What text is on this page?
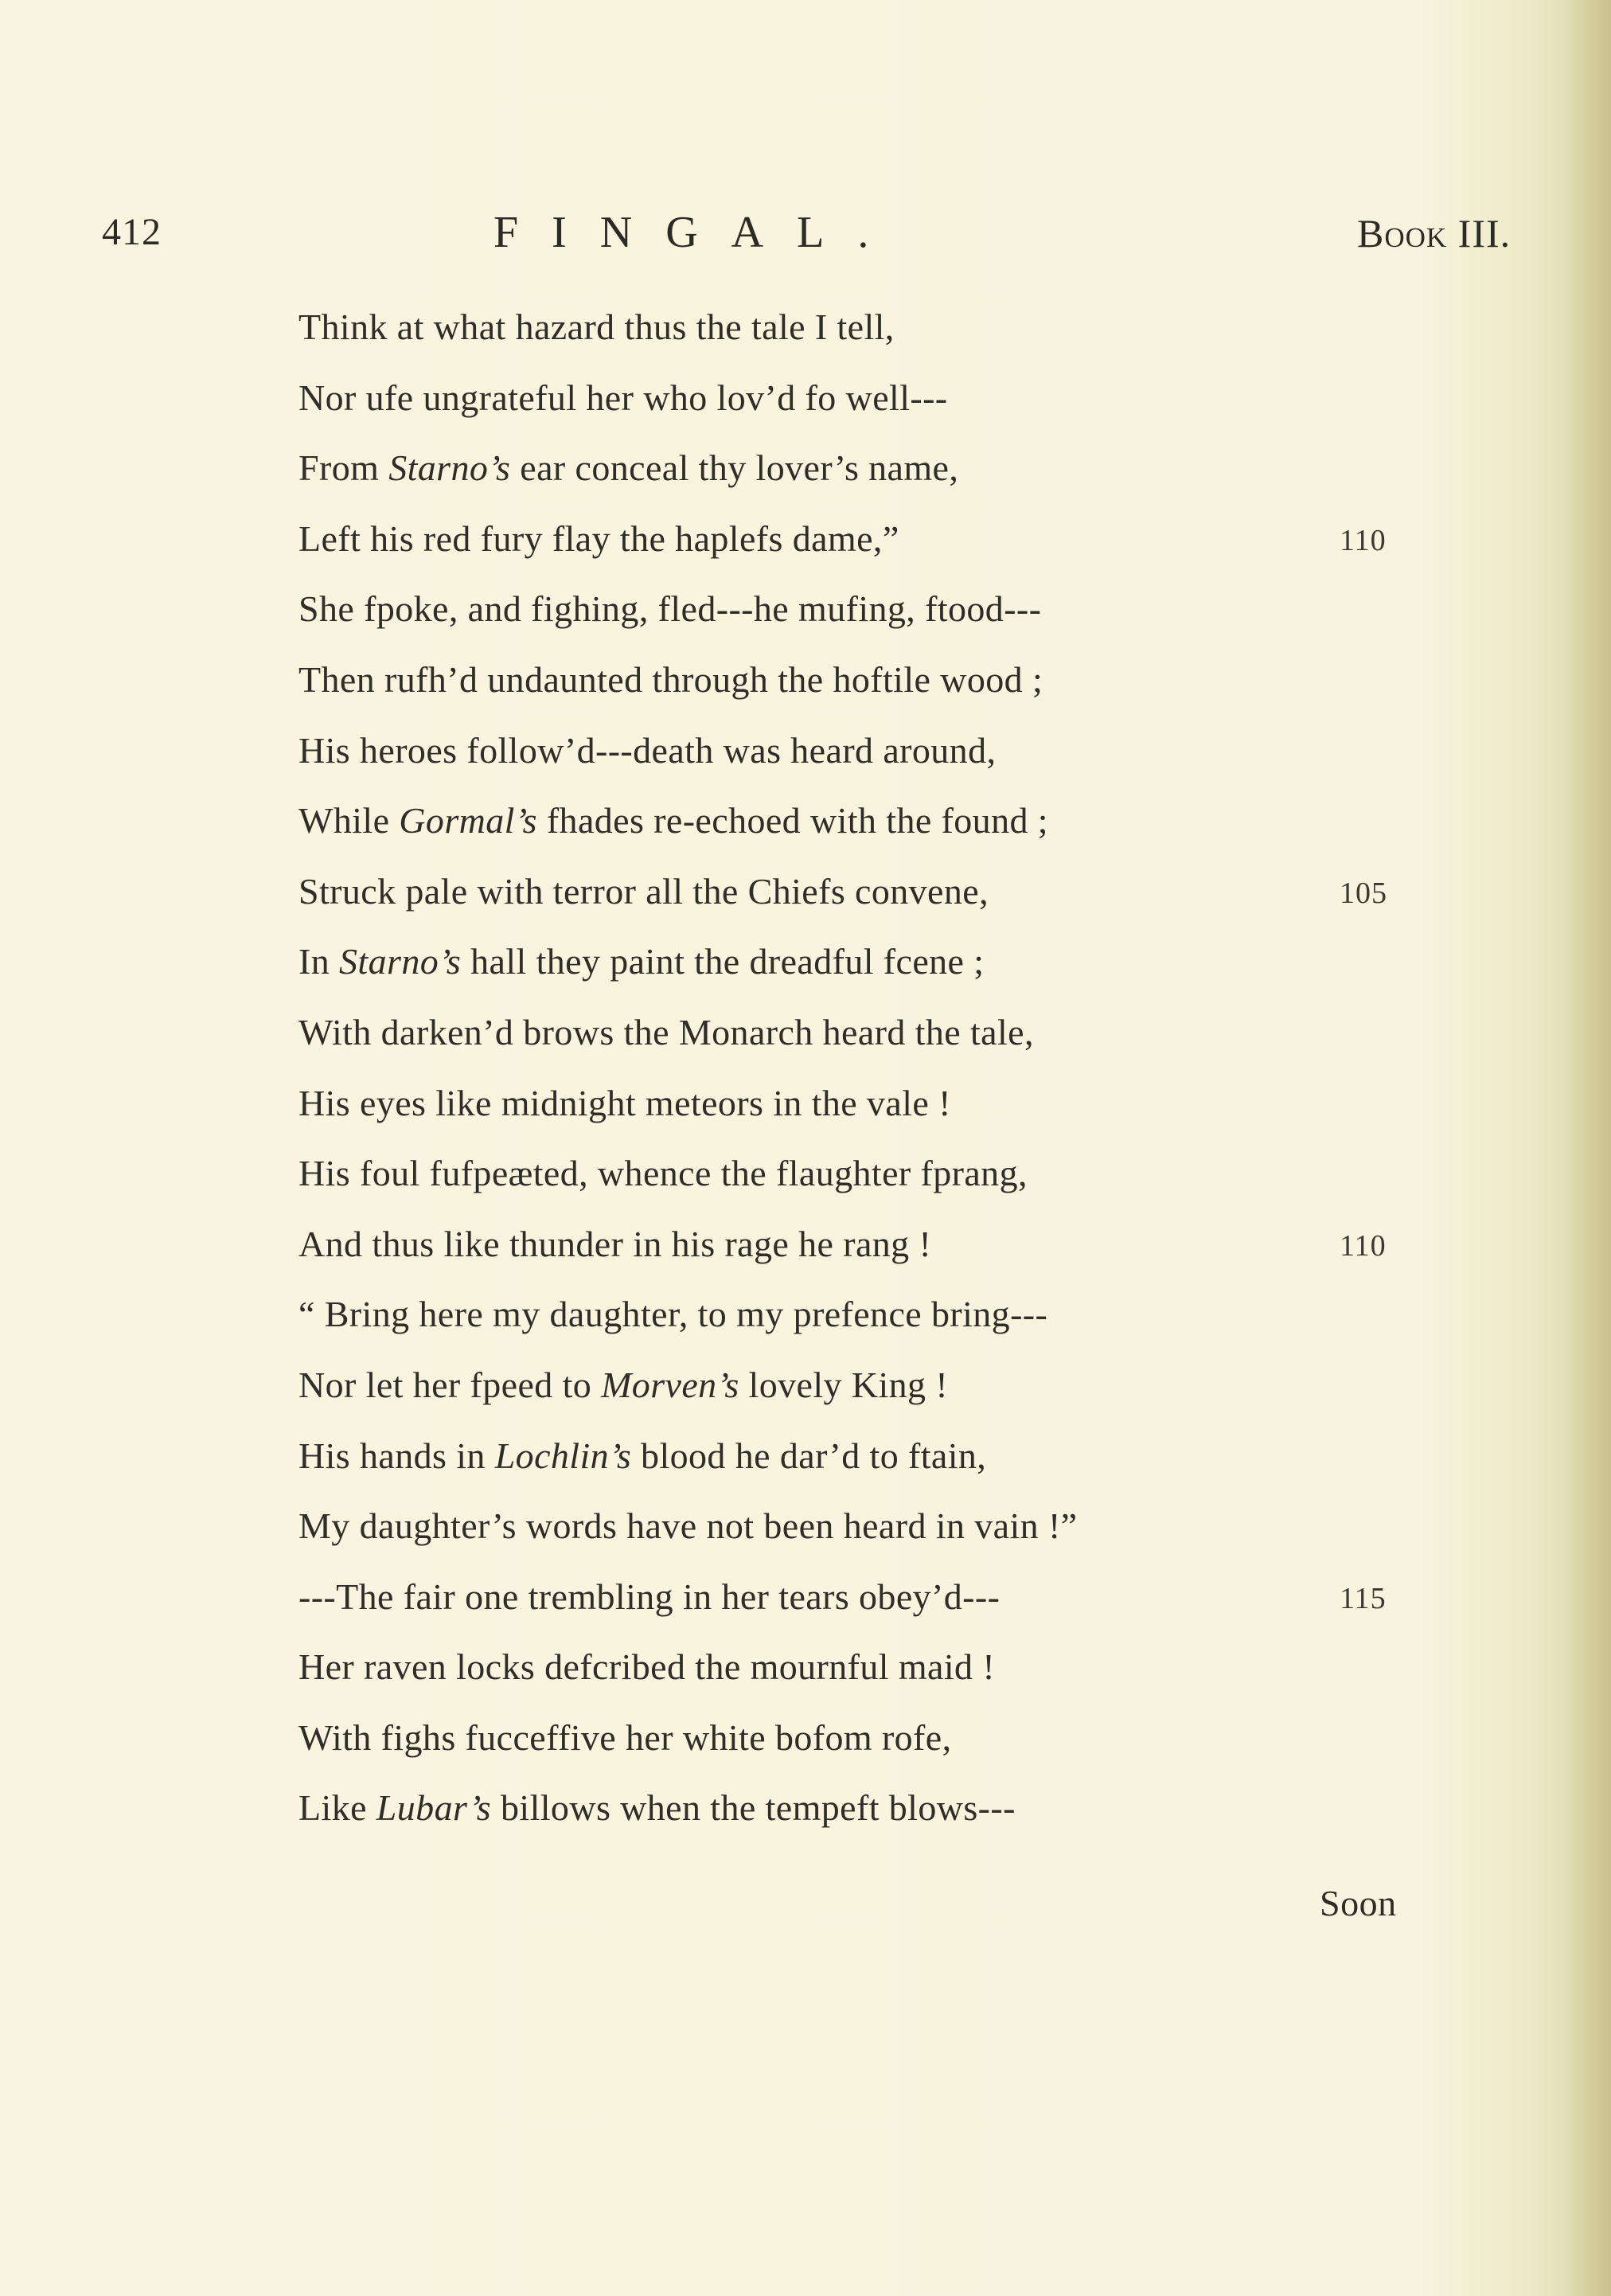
412	FINGAL.	Book III.
Think at what hazard thus the tale I tell,
Nor ufe ungrateful her who lov’d fo well---
From Starno’s ear conceal thy lover’s name,
Left his red fury flay the haplefs dame,”	110
She fpoke, and fighing, fled---he mufing, ftood---
Then rufh’d undaunted through the hoftile wood ;
His heroes follow’d---death was heard around,
While Gormal’s fhades re-echoed with the found ;
Struck pale with terror all the Chiefs convene,	105
In Starno’s hall they paint the dreadful fcene ;
With darken’d brows the Monarch heard the tale,
His eyes like midnight meteors in the vale !
His foul fufpeæted, whence the flaughter fprang,
And thus like thunder in his rage he rang !	110
“ Bring here my daughter, to my prefence bring---
Nor let her fpeed to Morven’s lovely King !
His hands in Lochlin’s blood he dar’d to ftain,
My daughter’s words have not been heard in vain !”
---The fair one trembling in her tears obey’d---	115
Her raven locks defcribed the mournful maid !
With fighs fucceffive her white bofom rofe,
Like Lubar’s billows when the tempeft blows---
Soon
